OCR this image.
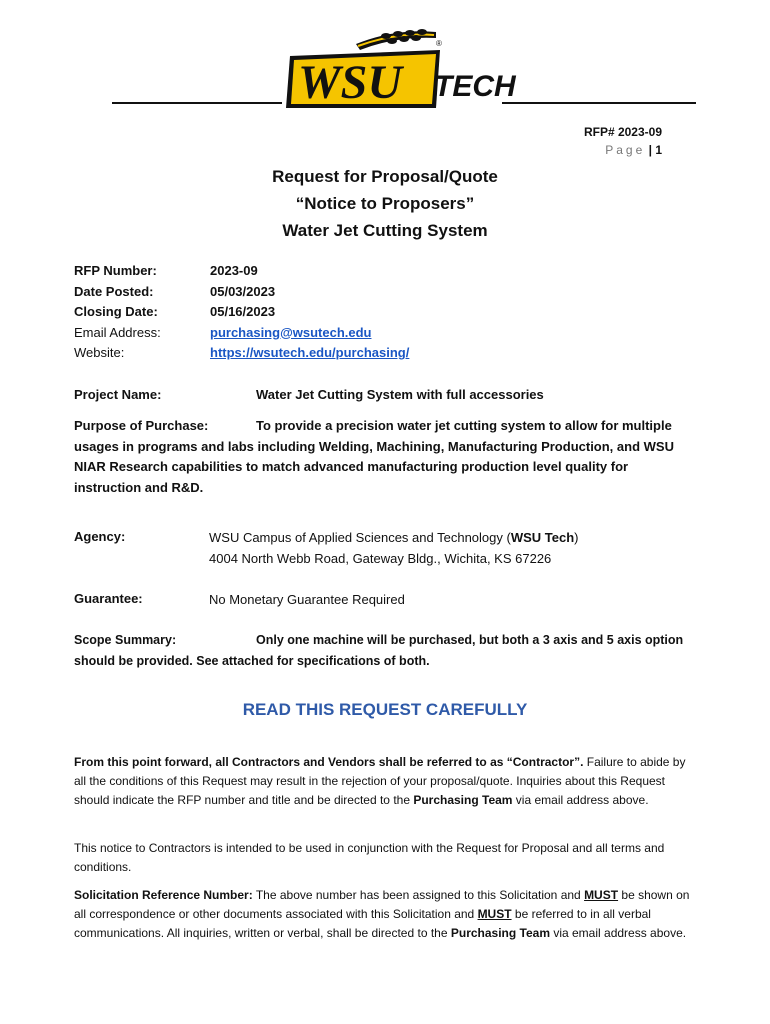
WSU TECH
®
RFP# 2023-09
Page | 1
Request for Proposal/Quote
“Notice to Proposers”
Water Jet Cutting System
RFP Number:	2023-09
Date Posted:	05/03/2023
Closing Date:	05/16/2023
Email Address:	purchasing@wsutech.edu
Website:	https://wsutech.edu/purchasing/
Project Name:	Water Jet Cutting System with full accessories
Purpose of Purchase:	To provide a precision water jet cutting system to allow for multiple
usages in programs and labs including Welding, Machining, Manufacturing Production, and WSU
NIAR Research capabilities to match advanced manufacturing production level quality for
instruction and R&D.
Agency:	WSU Campus of Applied Sciences and Technology (WSU Tech)
4004 North Webb Road, Gateway Bldg., Wichita, KS 67226
Guarantee:	No Monetary Guarantee Required
Scope Summary:	Only one machine will be purchased, but both a 3 axis and 5 axis option
should be provided. See attached for specifications of both.
READ THIS REQUEST CAREFULLY
From this point forward, all Contractors and Vendors shall be referred to as “Contractor”. Failure to abide by all the conditions of this Request may result in the rejection of your proposal/quote. Inquiries about this Request should indicate the RFP number and title and be directed to the Purchasing Team via email address above.
This notice to Contractors is intended to be used in conjunction with the Request for Proposal and all terms and conditions.
Solicitation Reference Number: The above number has been assigned to this Solicitation and MUST be shown on all correspondence or other documents associated with this Solicitation and MUST be referred to in all verbal communications. All inquiries, written or verbal, shall be directed to the Purchasing Team via email address above.
